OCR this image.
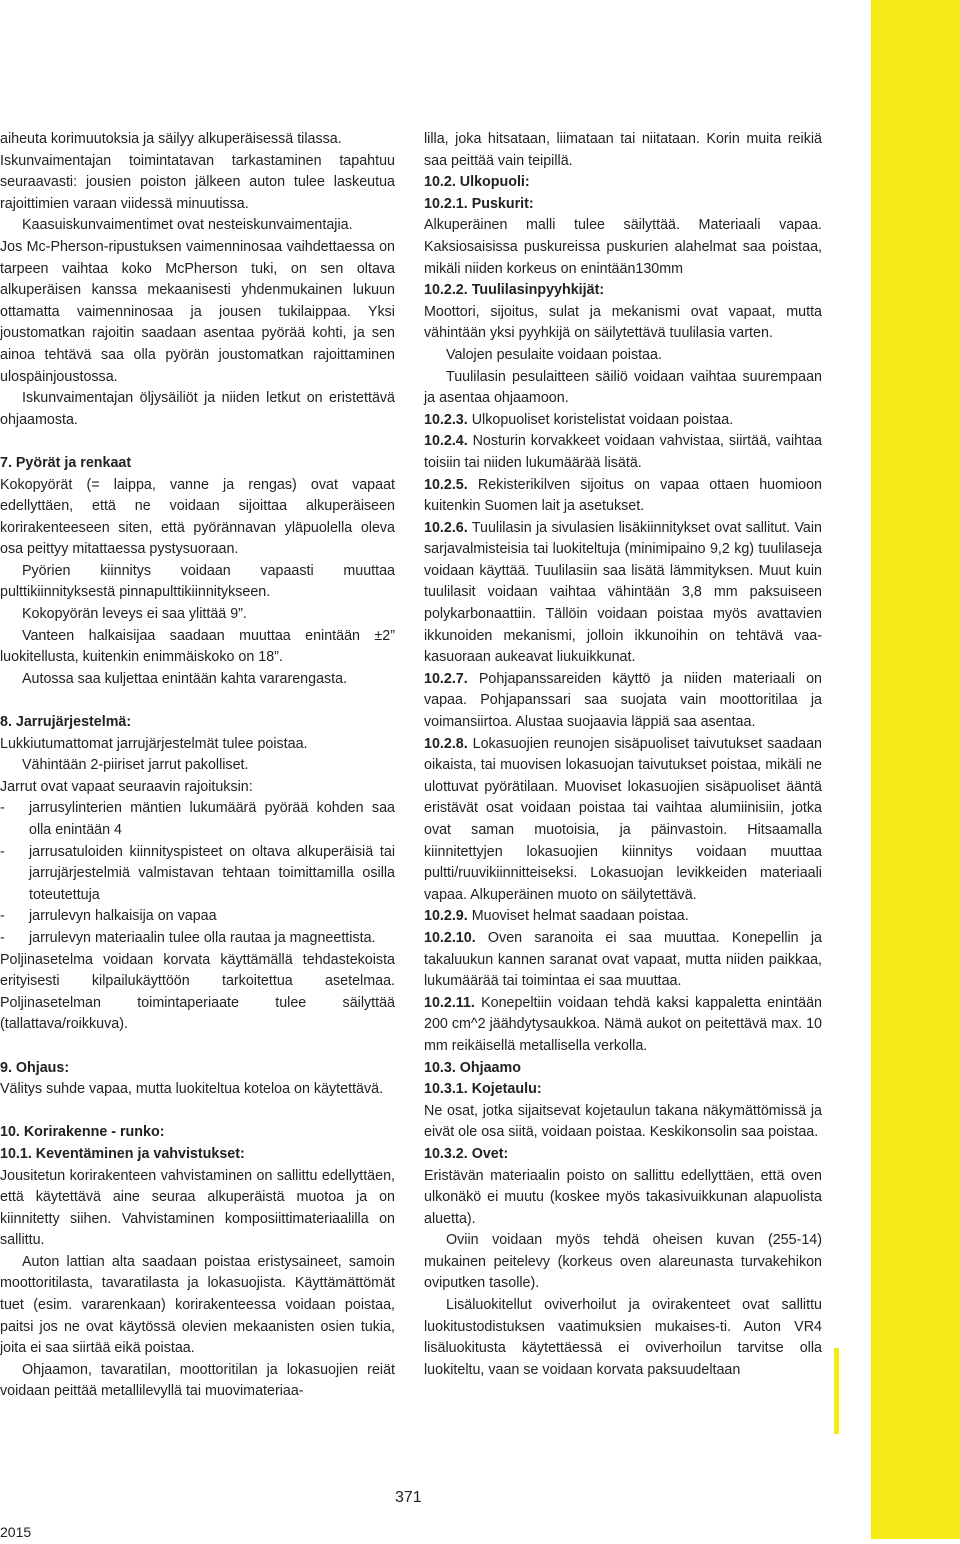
aiheuta korimuutoksia ja säilyy alkuperäisessä tilassa.

Iskunvaimentajan toimintatavan tarkastaminen tapahtuu seuraavasti: jousien poiston jälkeen auton tulee laskeutua rajoittimien varaan viidessä minuutissa.

Kaasuiskunvaimentimet ovat nesteiskunvaimentajia.

Jos Mc-Pherson-ripustuksen vaimenninosaa vaihdettaessa on tarpeen vaihtaa koko McPherson tuki, on sen oltava alkuperäisen kanssa mekaanisesti yhdenmukainen lukuun ottamatta vaimenninosaa ja jousen tukilaippaa. Yksi joustomatkan rajoitin saadaan asentaa pyörää kohti, ja sen ainoa tehtävä saa olla pyörän joustomatkan rajoittaminen ulospäinjoustossa.

Iskunvaimentajan öljysäiliöt ja niiden letkut on eristettävä ohjaamosta.

7. Pyörät ja renkaat

Kokopyörät (= laippa, vanne ja rengas) ovat vapaat edellyttäen, että ne voidaan sijoittaa alkuperäiseen korirakenteeseen siten, että pyörännavan yläpuolella oleva osa peittyy mitattaessa pystysuoraan.

Pyörien kiinnitys voidaan vapaasti muuttaa pulttikiinnityksestä pinnapulttikiinnitykseen.

Kokopyörän leveys ei saa ylittää 9”.

Vanteen halkaisijaa saadaan muuttaa enintään ±2” luokitellusta, kuitenkin enimmäiskoko on 18”.

Autossa saa kuljettaa enintään kahta vararengasta.

8. Jarrujärjestelmä:

Lukkiutumattomat jarrujärjestelmät tulee poistaa.

Vähintään 2-piiriset jarrut pakolliset.

Jarrut ovat vapaat seuraavin rajoituksin:

-	jarrusylinterien mäntien lukumäärä pyörää kohden saa olla enintään 4
-	jarrusatuloiden kiinnityspisteet on oltava alkuperäisiä tai jarrujärjestelmiä valmistavan tehtaan toimittamilla osilla toteutettuja
-	jarrulevyn halkaisija on vapaa
-	jarrulevyn materiaalin tulee olla rautaa ja magneettista.

Poljinasetelma voidaan korvata käyttämällä tehdastekoista erityisesti kilpailukäyttöön tarkoitettua asetelmaa. Poljinasetelman toimintaperiaate tulee säilyttää (tallattava/roikkuva).

9. Ohjaus:

Välitys suhde vapaa, mutta luokiteltua koteloa on käytettävä.

10. Korirakenne - runko:

10.1. Keventäminen ja vahvistukset:

Jousitetun korirakenteen vahvistaminen on sallittu edellyttäen, että käytettävä aine seuraa alkuperäistä muotoa ja on kiinnitetty siihen. Vahvistaminen komposiittimateriaalilla on sallittu.

Auton lattian alta saadaan poistaa eristysaineet, samoin moottoritilasta, tavaratilasta ja lokasuojista. Käyttämättömät tuet (esim. vararenkaan) korirakenteessa voidaan poistaa, paitsi jos ne ovat käytössä olevien mekaanisten osien tukia, joita ei saa siirtää eikä poistaa.

Ohjaamon, tavaratilan, moottoritilan ja lokasuojien reiät voidaan peittää metallilevyllä tai muovimateriaa-

lilla, joka hitsataan, liimataan tai niitataan. Korin muita reikiä saa peittää vain teipillä.

10.2. Ulkopuoli:

10.2.1. Puskurit:

Alkuperäinen malli tulee säilyttää. Materiaali vapaa. Kaksiosaisissa puskureissa puskurien alahelmat saa poistaa, mikäli niiden korkeus on enintään130mm

10.2.2. Tuulilasinpyyhkijät:

Moottori, sijoitus, sulat ja mekanismi ovat vapaat, mutta vähintään yksi pyyhkijä on säilytettävä tuulilasia varten.

Valojen pesulaite voidaan poistaa.

Tuulilasin pesulaitteen säiliö voidaan vaihtaa suurempaan ja asentaa ohjaamoon.

10.2.3. Ulkopuoliset koristelistat voidaan poistaa.

10.2.4. Nosturin korvakkeet voidaan vahvistaa, siirtää, vaihtaa toisiin tai niiden lukumäärää lisätä.

10.2.5. Rekisterikilven sijoitus on vapaa ottaen huomioon kuitenkin Suomen lait ja asetukset.

10.2.6. Tuulilasin ja sivulasien lisäkiinnitykset ovat sallitut. Vain sarjavalmisteisia tai luokiteltuja (minimipaino 9,2 kg) tuulilaseja voidaan käyttää. Tuulilasiin saa lisätä lämmityksen. Muut kuin tuulilasit voidaan vaihtaa vähintään 3,8 mm paksuiseen polykarbonaattiin. Tällöin voidaan poistaa myös avattavien ikkunoiden mekanismi, jolloin ikkunoihin on tehtävä vaa-kasuoraan aukeavat liukuikkunat.

10.2.7. Pohjapanssareiden käyttö ja niiden materiaali on vapaa. Pohjapanssari saa suojata vain moottoritilaa ja voimansiirtoa. Alustaa suojaavia läppiä saa asentaa.

10.2.8. Lokasuojien reunojen sisäpuoliset taivutukset saadaan oikaista, tai muovisen lokasuojan taivutukset poistaa, mikäli ne ulottuvat pyörätilaan. Muoviset lokasuojien sisäpuoliset ääntä eristävät osat voidaan poistaa tai vaihtaa alumiinisiin, jotka ovat saman muotoisia, ja päinvastoin. Hitsaamalla kiinnitettyjen lokasuojien kiinnitys voidaan muuttaa pultti/ruuvikiinnitteiseksi. Lokasuojan levikkeiden materiaali vapaa. Alkuperäinen muoto on säilytettävä.

10.2.9. Muoviset helmat saadaan poistaa.

10.2.10. Oven saranoita ei saa muuttaa. Konepellin ja takaluukun kannen saranat ovat vapaat, mutta niiden paikkaa, lukumäärää tai toimintaa ei saa muuttaa.

10.2.11. Konepeltiin voidaan tehdä kaksi kappaletta enintään 200 cm^2 jäähdytysaukkoa. Nämä aukot on peitettävä max. 10 mm reikäisellä metallisella verkolla.

10.3. Ohjaamo

10.3.1. Kojetaulu:

Ne osat, jotka sijaitsevat kojetaulun takana näkymättömissä ja eivät ole osa siitä, voidaan poistaa. Keskikonsolin saa poistaa.

10.3.2. Ovet:

Eristävän materiaalin poisto on sallittu edellyttäen, että oven ulkonäkö ei muutu (koskee myös takasivuikkunan alapuolista aluetta).

Oviin voidaan myös tehdä oheisen kuvan (255-14) mukainen peitelevy (korkeus oven alareunasta turvakehikon oviputken tasolle).

Lisäluokitellut oviverhoilut ja ovirakenteet ovat sallittu luokitustodistuksen vaatimuksien mukaises-ti. Auton VR4 lisäluokitusta käytettäessä ei oviverhoilun tarvitse olla luokiteltu, vaan se voidaan korvata paksuudeltaan

371
2015
